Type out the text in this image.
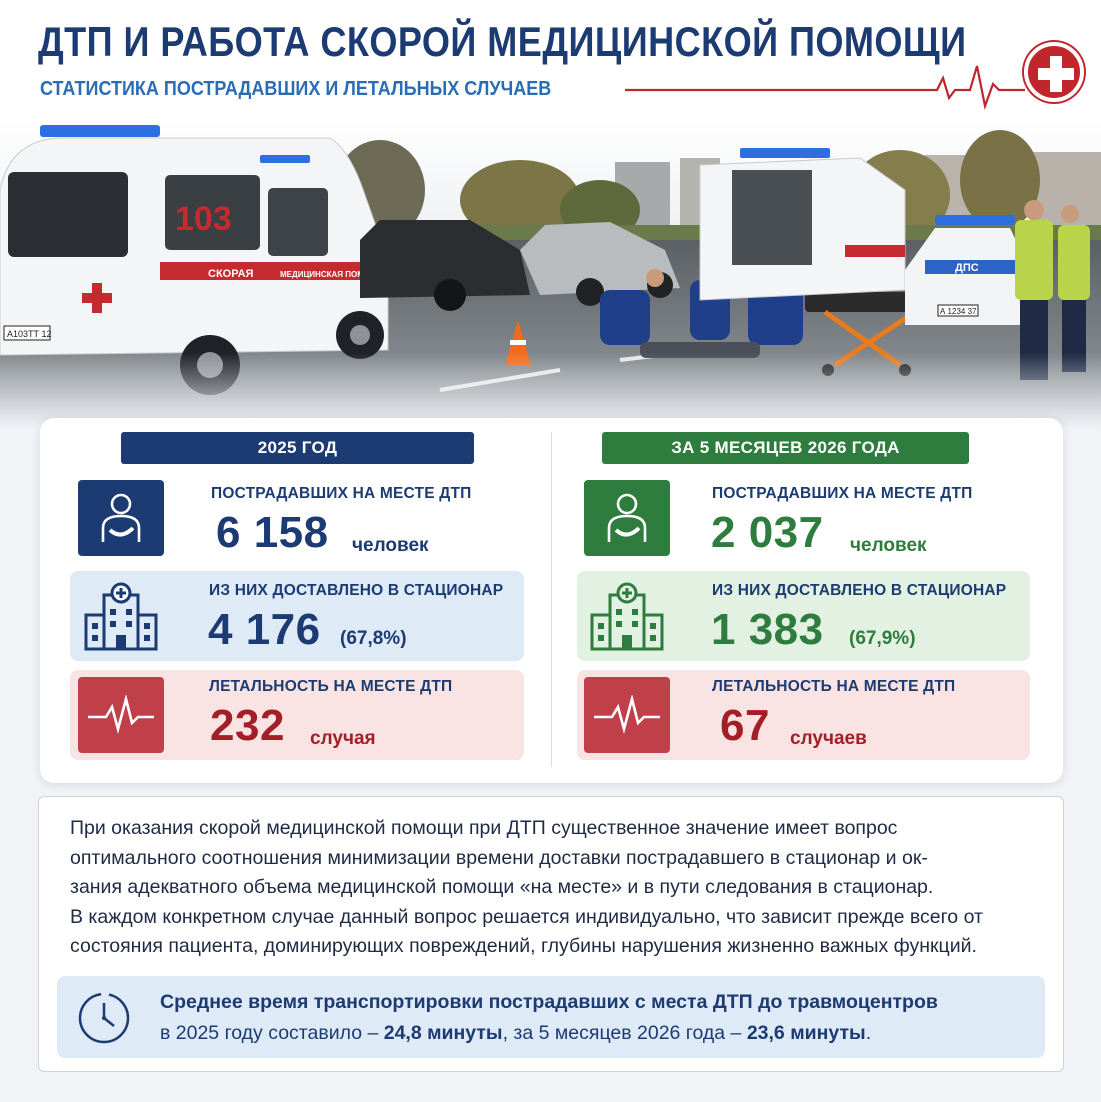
ДТП И РАБОТА СКОРОЙ МЕДИЦИНСКОЙ ПОМОЩИ
СТАТИСТИКА ПОСТРАДАВШИХ И ЛЕТАЛЬНЫХ СЛУЧАЕВ
2025 ГОД	ЗА 5 МЕСЯЦЕВ 2026 ГОДА
ПОСТРАДАВШИХ НА МЕСТЕ ДТП
6 158 человек
ИЗ НИХ ДОСТАВЛЕНО В СТАЦИОНАР
4 176 (67,8%)
ЛЕТАЛЬНОСТЬ НА МЕСТЕ ДТП
232 случая
ПОСТРАДАВШИХ НА МЕСТЕ ДТП
2 037 человек
ИЗ НИХ ДОСТАВЛЕНО В СТАЦИОНАР
1 383 (67,9%)
ЛЕТАЛЬНОСТЬ НА МЕСТЕ ДТП
67 случаев
При оказания скорой медицинской помощи при ДТП существенное значение имеет вопрос
оптимального соотношения минимизации времени доставки пострадавшего в стационар и ок-
зания адекватного объема медицинской помощи «на месте» и в пути следования в стационар.
В каждом конкретном случае данный вопрос решается индивидуально, что зависит прежде всего от
состояния пациента, доминирующих повреждений, глубины нарушения жизненно важных функций.
Среднее время транспортировки пострадавших с места ДТП до травмоцентров
в 2025 году составило – 24,8 минуты, за 5 месяцев 2026 года – 23,6 минуты.
